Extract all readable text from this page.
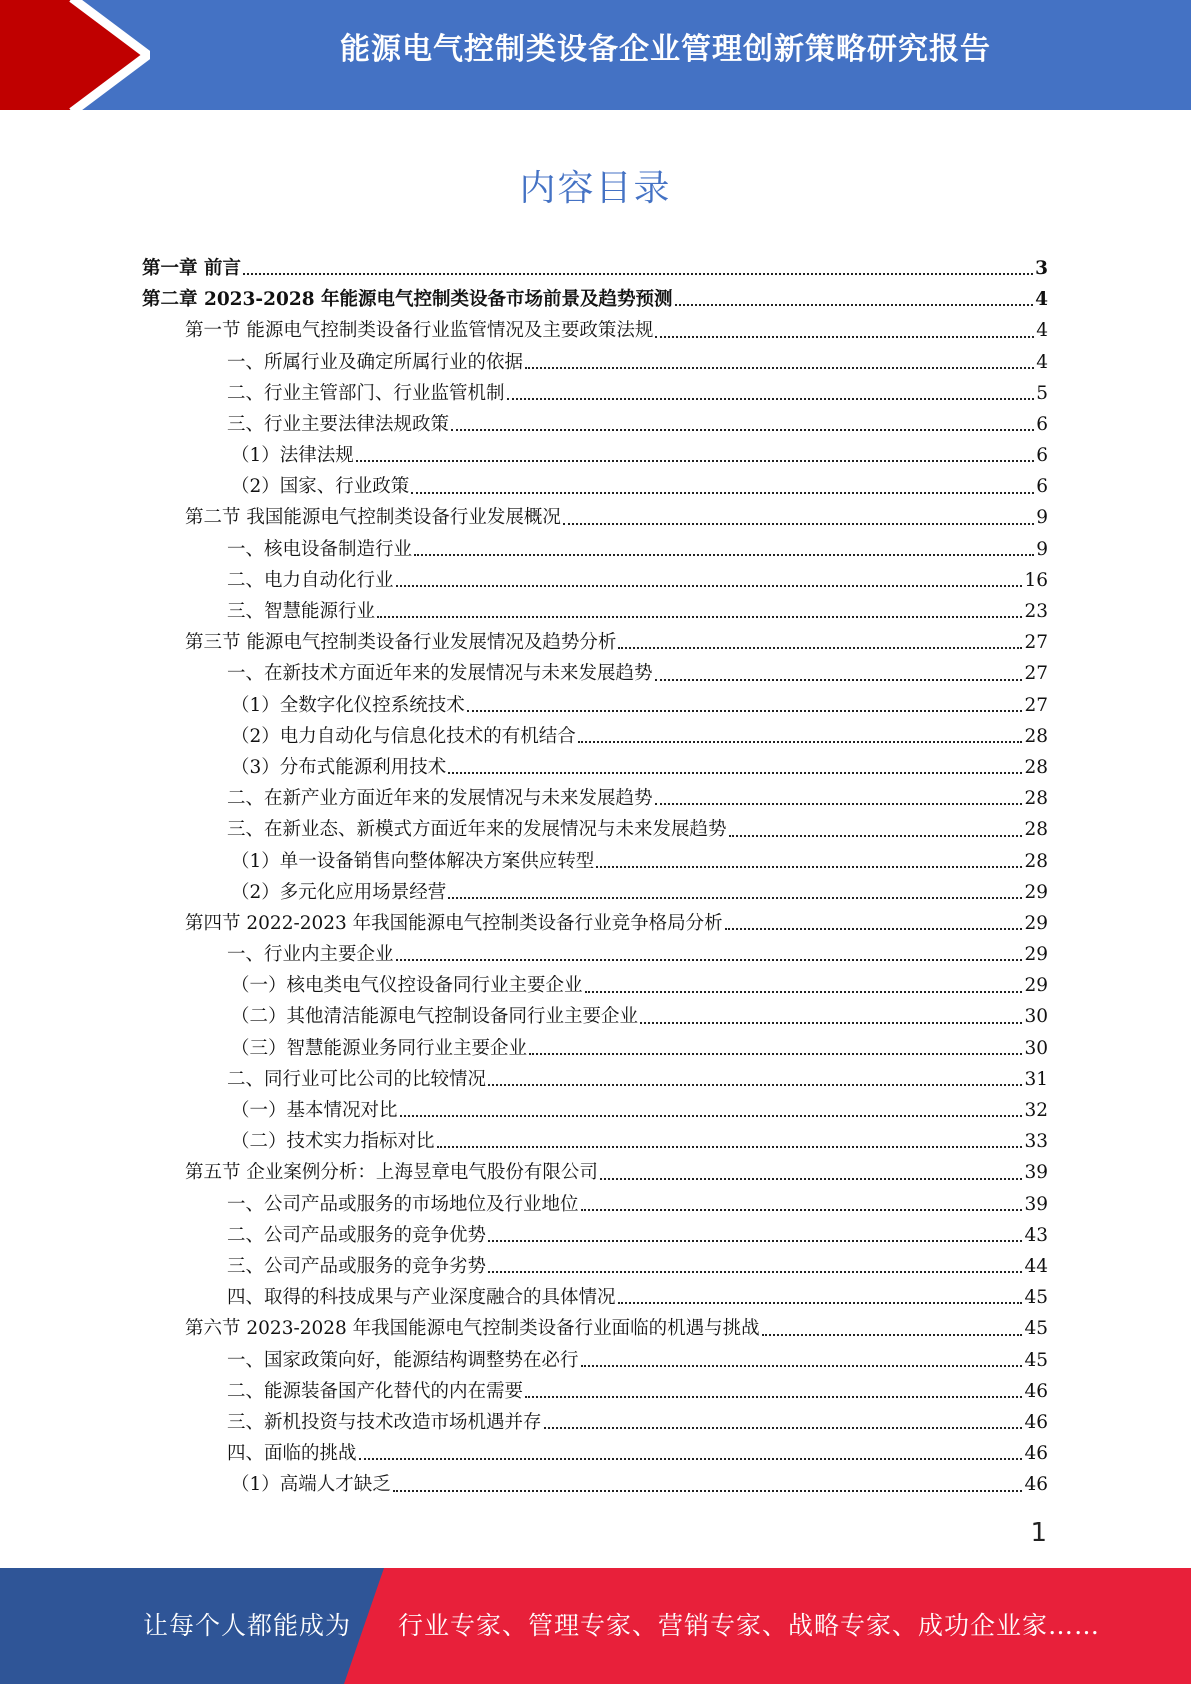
能源电气控制类设备企业管理创新策略研究报告
内容目录
第一章 前言	3
第二章 2023-2028 年能源电气控制类设备市场前景及趋势预测	4
第一节 能源电气控制类设备行业监管情况及主要政策法规	4
一、所属行业及确定所属行业的依据	4
二、行业主管部门、行业监管机制	5
三、行业主要法律法规政策	6
（1）法律法规	6
（2）国家、行业政策	6
第二节 我国能源电气控制类设备行业发展概况	9
一、核电设备制造行业	9
二、电力自动化行业	16
三、智慧能源行业	23
第三节 能源电气控制类设备行业发展情况及趋势分析	27
一、在新技术方面近年来的发展情况与未来发展趋势	27
（1）全数字化仪控系统技术	27
（2）电力自动化与信息化技术的有机结合	28
（3）分布式能源利用技术	28
二、在新产业方面近年来的发展情况与未来发展趋势	28
三、在新业态、新模式方面近年来的发展情况与未来发展趋势	28
（1）单一设备销售向整体解决方案供应转型	28
（2）多元化应用场景经营	29
第四节 2022-2023 年我国能源电气控制类设备行业竞争格局分析	29
一、行业内主要企业	29
（一）核电类电气仪控设备同行业主要企业	29
（二）其他清洁能源电气控制设备同行业主要企业	30
（三）智慧能源业务同行业主要企业	30
二、同行业可比公司的比较情况	31
（一）基本情况对比	32
（二）技术实力指标对比	33
第五节 企业案例分析：上海昱章电气股份有限公司	39
一、公司产品或服务的市场地位及行业地位	39
二、公司产品或服务的竞争优势	43
三、公司产品或服务的竞争劣势	44
四、取得的科技成果与产业深度融合的具体情况	45
第六节 2023-2028 年我国能源电气控制类设备行业面临的机遇与挑战	45
一、国家政策向好，能源结构调整势在必行	45
二、能源装备国产化替代的内在需要	46
三、新机投资与技术改造市场机遇并存	46
四、面临的挑战	46
（1）高端人才缺乏	46
1
让每个人都能成为 行业专家、管理专家、营销专家、战略专家、成功企业家……
